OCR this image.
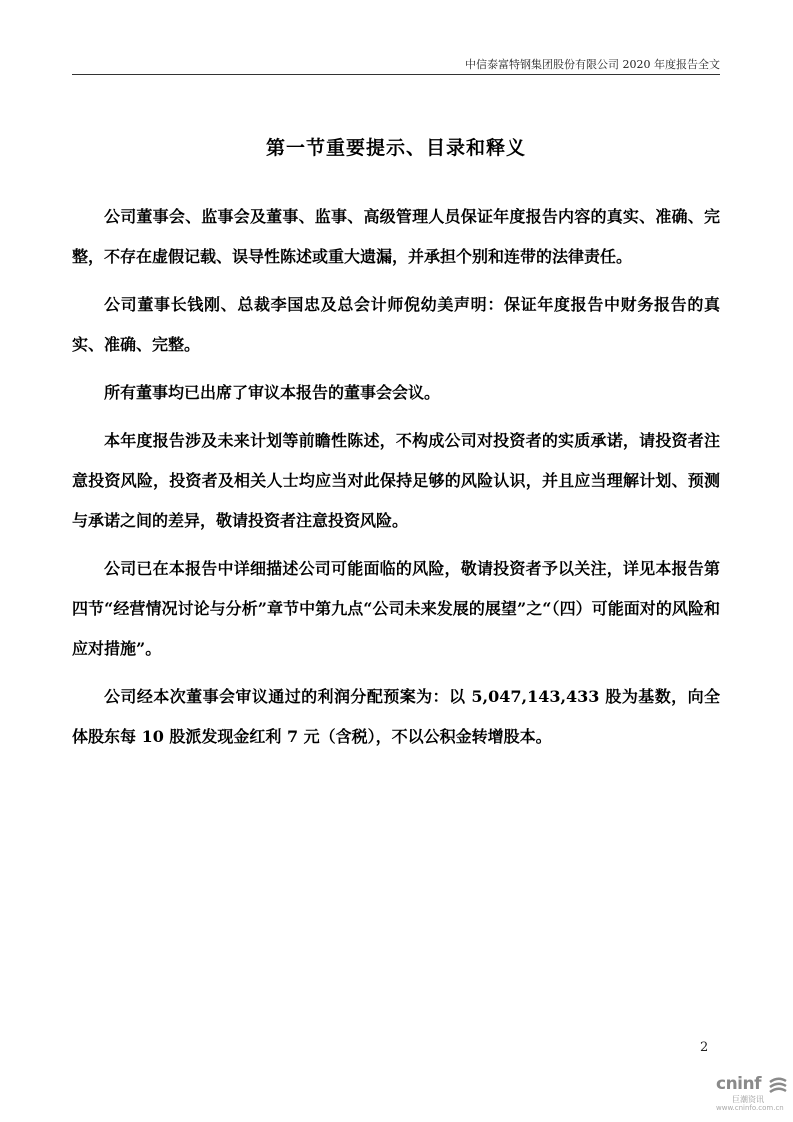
中信泰富特钢集团股份有限公司 2020 年度报告全文
第一节重要提示、目录和释义

公司董事会、监事会及董事、监事、高级管理人员保证年度报告内容的真实、准确、完整，不存在虚假记载、误导性陈述或重大遗漏，并承担个别和连带的法律责任。

公司董事长钱刚、总裁李国忠及总会计师倪幼美声明：保证年度报告中财务报告的真实、准确、完整。

所有董事均已出席了审议本报告的董事会会议。

本年度报告涉及未来计划等前瞻性陈述，不构成公司对投资者的实质承诺，请投资者注意投资风险，投资者及相关人士均应当对此保持足够的风险认识，并且应当理解计划、预测与承诺之间的差异，敬请投资者注意投资风险。

公司已在本报告中详细描述公司可能面临的风险，敬请投资者予以关注，详见本报告第四节“经营情况讨论与分析”章节中第九点“公司未来发展的展望”之“（四）可能面对的风险和应对措施”。

公司经本次董事会审议通过的利润分配预案为：以 5,047,143,433 股为基数，向全体股东每 10 股派发现金红利 7 元（含税），不以公积金转增股本。

2
cninf
巨潮资讯
www.cninfo.com.cn
